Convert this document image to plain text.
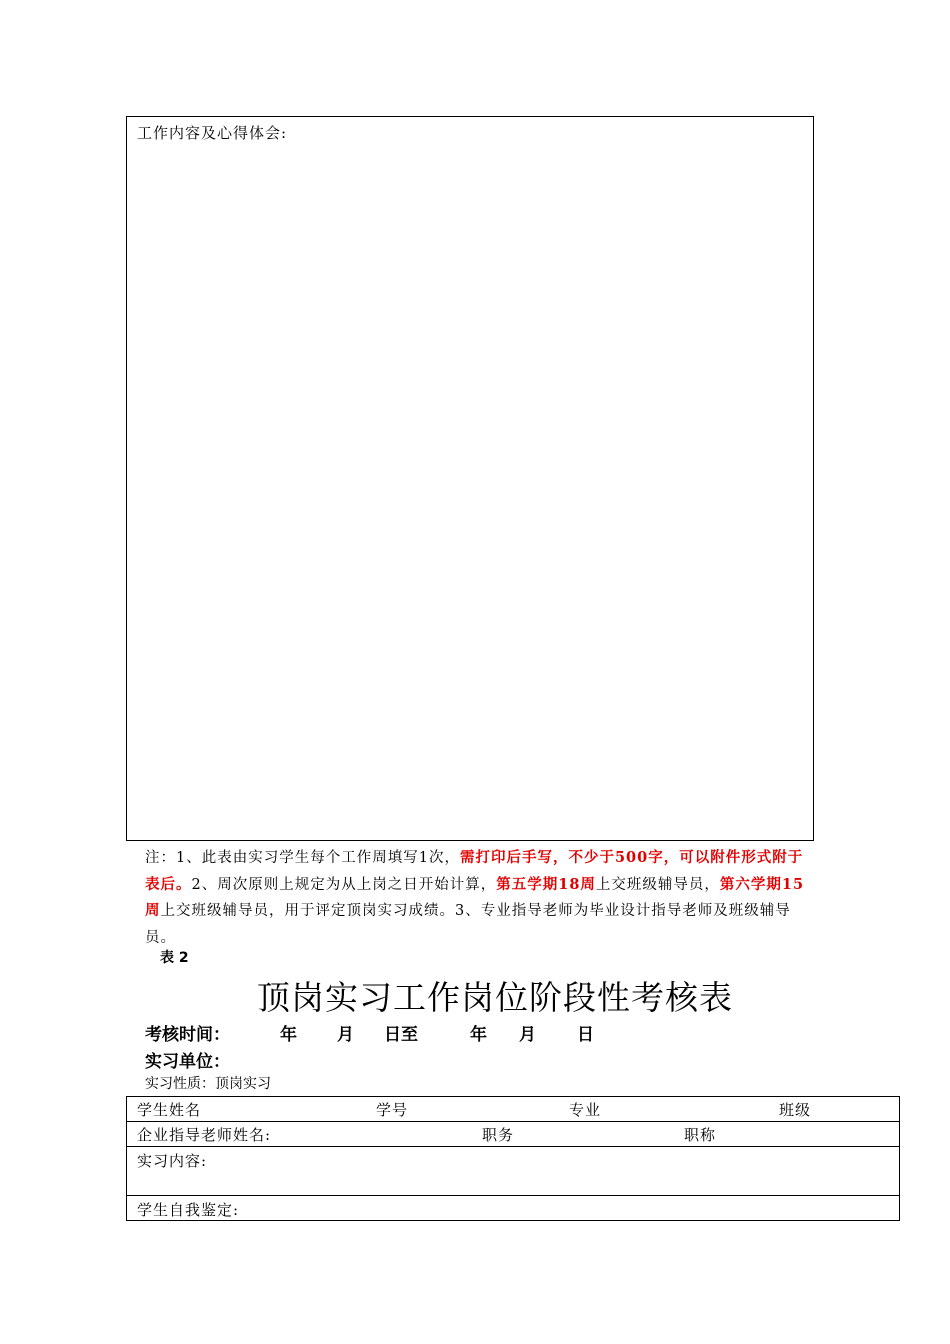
工作内容及心得体会:
注：1、此表由实习学生每个工作周填写1次，需打印后手写，不少于500字，可以附件形式附于表后。2、周次原则上规定为从上岗之日开始计算，第五学期18周上交班级辅导员，第六学期15周上交班级辅导员，用于评定顶岗实习成绩。3、专业指导老师为毕业设计指导老师及班级辅导员。
表 2
顶岗实习工作岗位阶段性考核表
考核时间：	年 月 日至	年 月 日
实习单位：
实习性质：顶岗实习
学生姓名	学号	专业	班级

企业指导老师姓名:	职务	职称

实习内容:

学生自我鉴定:
